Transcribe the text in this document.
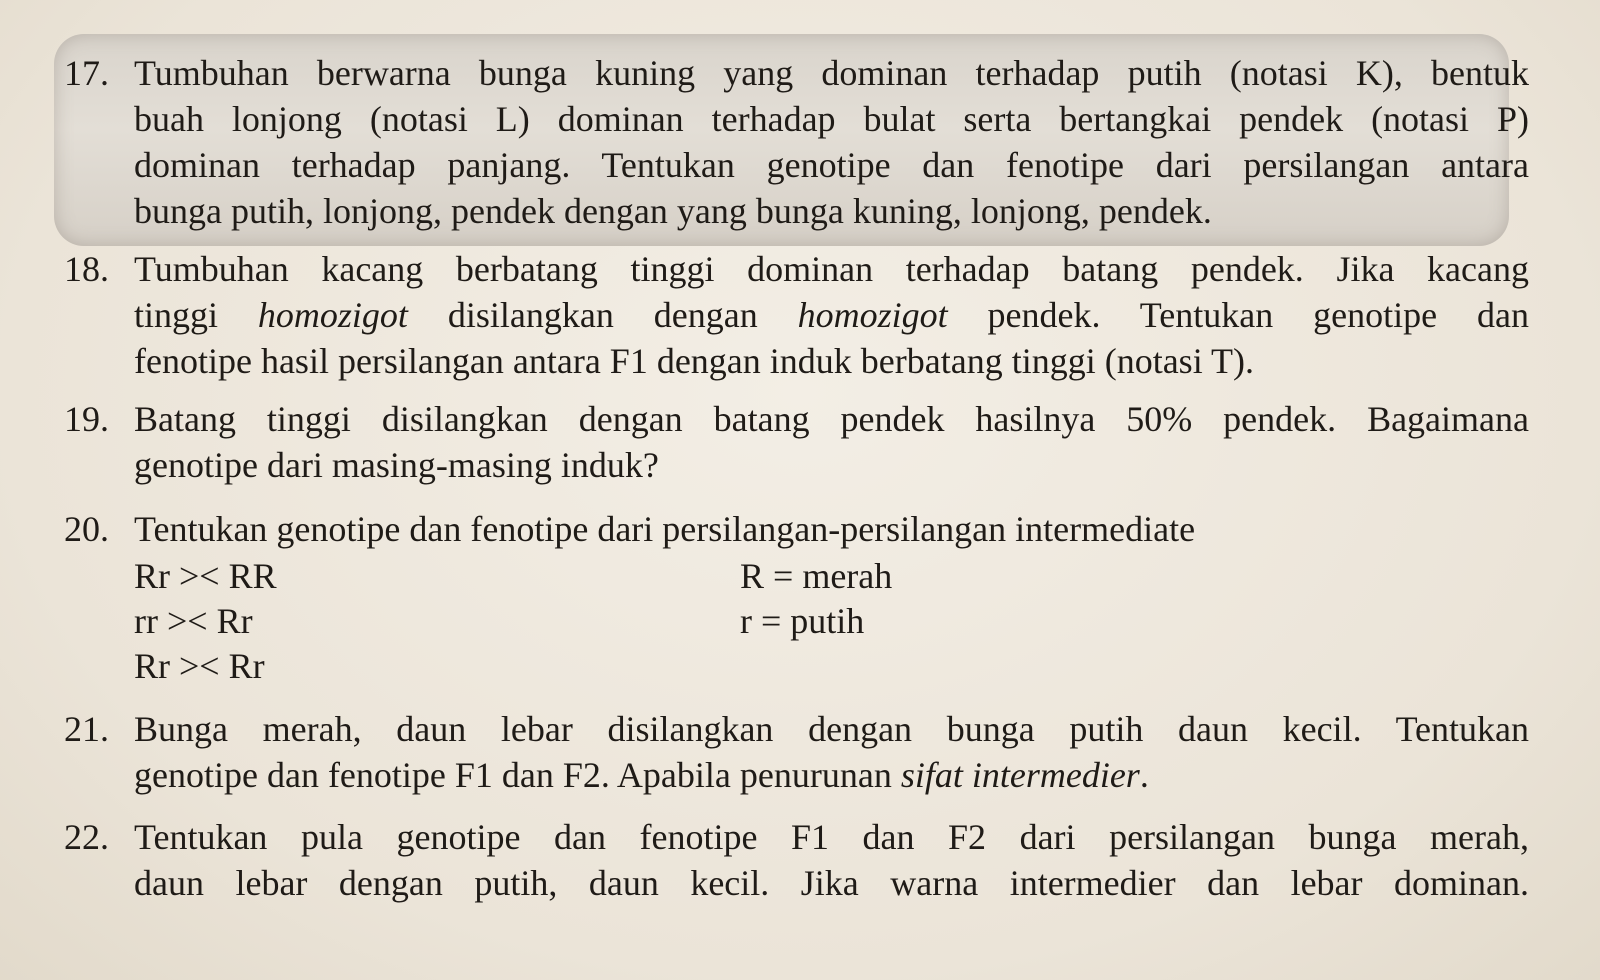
17. Tumbuhan berwarna bunga kuning yang dominan terhadap putih (notasi K), bentuk
buah lonjong (notasi L) dominan terhadap bulat serta bertangkai pendek (notasi P)
dominan terhadap panjang. Tentukan genotipe dan fenotipe dari persilangan antara
bunga putih, lonjong, pendek dengan yang bunga kuning, lonjong, pendek.
18. Tumbuhan kacang berbatang tinggi dominan terhadap batang pendek. Jika kacang
tinggi homozigot disilangkan dengan homozigot pendek. Tentukan genotipe dan
fenotipe hasil persilangan antara F1 dengan induk berbatang tinggi (notasi T).
19. Batang tinggi disilangkan dengan batang pendek hasilnya 50% pendek. Bagaimana
genotipe dari masing-masing induk?
20. Tentukan genotipe dan fenotipe dari persilangan-persilangan intermediate
Rr >< RR
rr >< Rr
Rr >< Rr
R = merah
r = putih
21. Bunga merah, daun lebar disilangkan dengan bunga putih daun kecil. Tentukan
genotipe dan fenotipe F1 dan F2. Apabila penurunan sifat intermedier.
22. Tentukan pula genotipe dan fenotipe F1 dan F2 dari persilangan bunga merah,
daun lebar dengan putih, daun kecil. Jika warna intermedier dan lebar dominan.
